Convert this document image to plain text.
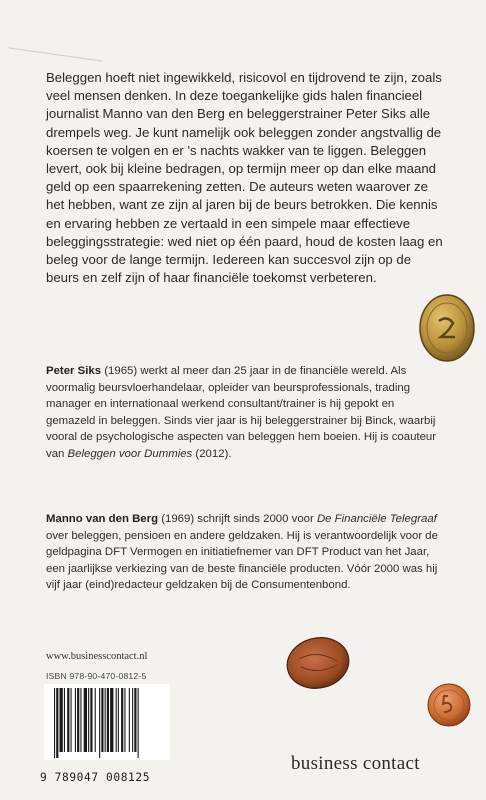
Beleggen hoeft niet ingewikkeld, risicovol en tijdrovend te zijn, zoals veel mensen denken. In deze toegankelijke gids halen financieel journalist Manno van den Berg en beleggerstrainer Peter Siks alle drempels weg. Je kunt namelijk ook beleggen zonder angstvallig de koersen te volgen en er 's nachts wakker van te liggen. Beleggen levert, ook bij kleine bedragen, op termijn meer op dan elke maand geld op een spaarrekening zetten. De auteurs weten waarover ze het hebben, want ze zijn al jaren bij de beurs betrokken. Die kennis en ervaring hebben ze vertaald in een simpele maar effectieve beleggingsstrategie: wed niet op één paard, houd de kosten laag en beleg voor de lange termijn. Iedereen kan succesvol zijn op de beurs en zelf zijn of haar financiële toekomst verbeteren.

Peter Siks (1965) werkt al meer dan 25 jaar in de financiële wereld. Als voormalig beursvloerhandelaar, opleider van beursprofessionals, trading manager en internationaal werkend consultant/trainer is hij gepokt en gemazeld in beleggen. Sinds vier jaar is hij beleggerstrainer bij Binck, waarbij vooral de psychologische aspecten van beleggen hem boeien. Hij is coauteur van Beleggen voor Dummies (2012).

Manno van den Berg (1969) schrijft sinds 2000 voor De Financiële Telegraaf over beleggen, pensioen en andere geldzaken. Hij is verantwoordelijk voor de geldpagina DFT Vermogen en initiatiefnemer van DFT Product van het Jaar, een jaarlijkse verkiezing van de beste financiële producten. Vóór 2000 was hij vijf jaar (eind)redacteur geldzaken bij de Consumentenbond.

www.businesscontact.nl
ISBN 978-90-470-0812-5
9 789047 008125
business contact
